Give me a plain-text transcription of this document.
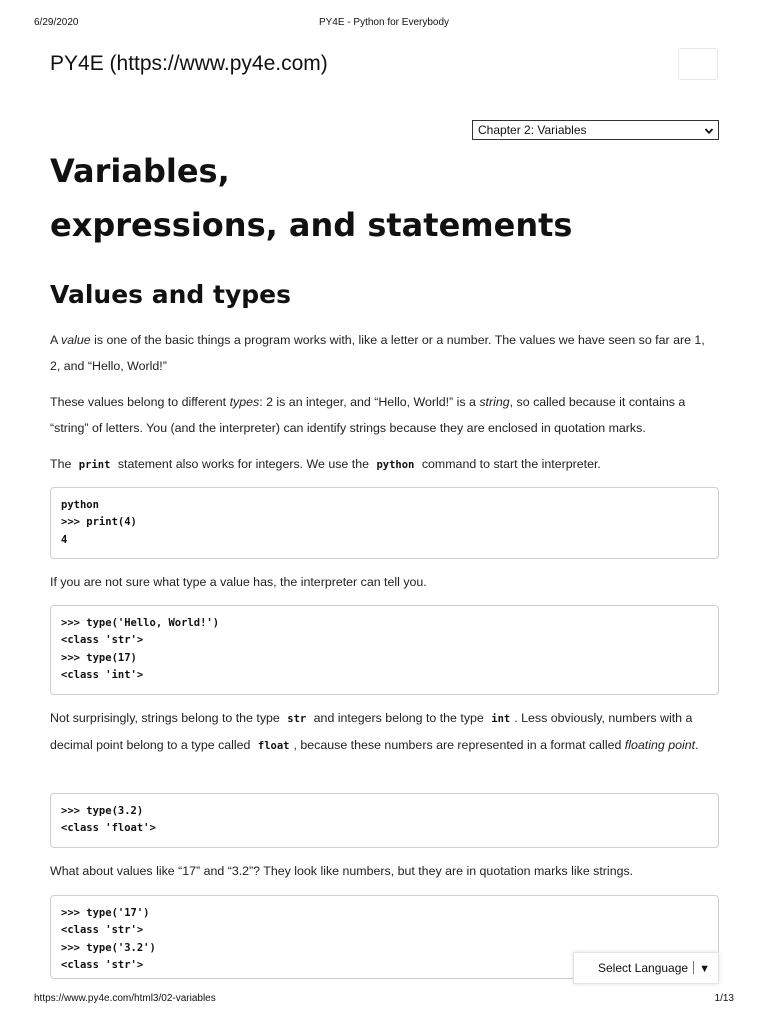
6/29/2020	PY4E - Python for Everybody
PY4E (https://www.py4e.com)
Chapter 2: Variables
Variables,
expressions, and statements
Values and types

A value is one of the basic things a program works with, like a letter or a number. The values we have seen so far are 1, 2, and “Hello, World!”

These values belong to different types: 2 is an integer, and “Hello, World!” is a string, so called because it contains a “string” of letters. You (and the interpreter) can identify strings because they are enclosed in quotation marks.

The print statement also works for integers. We use the python command to start the interpreter.

python
>>> print(4)
4

If you are not sure what type a value has, the interpreter can tell you.

>>> type('Hello, World!')
<class 'str'>
>>> type(17)
<class 'int'>

Not surprisingly, strings belong to the type str and integers belong to the type int . Less obviously, numbers with a decimal point belong to a type called float , because these numbers are represented in a format called floating point.

>>> type(3.2)
<class 'float'>

What about values like “17” and “3.2”? They look like numbers, but they are in quotation marks like strings.

>>> type('17')
<class 'str'>
>>> type('3.2')
<class 'str'>	Select Language ▼
https://www.py4e.com/html3/02-variables	1/13
